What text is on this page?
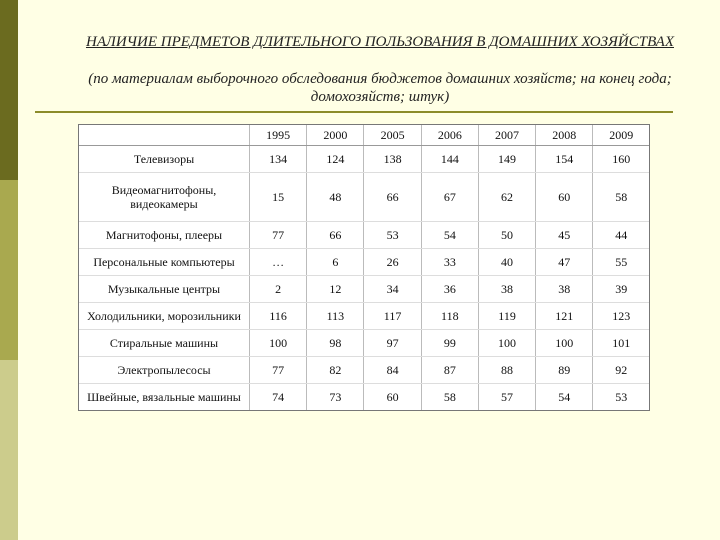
НАЛИЧИЕ ПРЕДМЕТОВ ДЛИТЕЛЬНОГО ПОЛЬЗОВАНИЯ В ДОМАШНИХ ХОЗЯЙСТВАХ
(по материалам выборочного обследования бюджетов домашних хозяйств; на конец года; домохозяйств; штук)
	1995	2000	2005	2006	2007	2008	2009
Телевизоры	134	124	138	144	149	154	160
Видеомагнитофоны, видеокамеры	15	48	66	67	62	60	58
Магнитофоны, плееры	77	66	53	54	50	45	44
Персональные компьютеры	…	6	26	33	40	47	55
Музыкальные центры	2	12	34	36	38	38	39
Холодильники, морозильники	116	113	117	118	119	121	123
Стиральные машины	100	98	97	99	100	100	101
Электропылесосы	77	82	84	87	88	89	92
Швейные, вязальные машины	74	73	60	58	57	54	53
